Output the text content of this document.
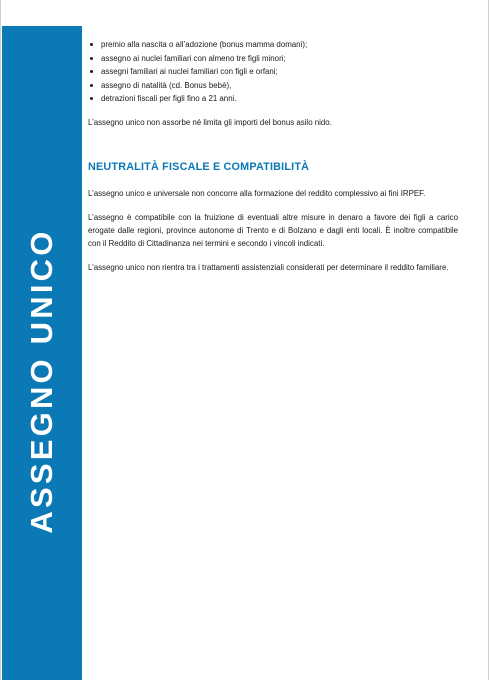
ASSEGNO UNICO
premio alla nascita o all’adozione (bonus mamma domani);
assegno ai nuclei familiari con almeno tre figli minori;
assegni familiari ai nuclei familiari con figli e orfani;
assegno di natalità (cd. Bonus bebè),
detrazioni fiscali per figli fino a 21 anni.

L’assegno unico non assorbe né limita gli importi del bonus asilo nido.

NEUTRALITÀ FISCALE E COMPATIBILITÀ

L’assegno unico e universale non concorre alla formazione del reddito complessivo ai fini IRPEF.

L’assegno è compatibile con la fruizione di eventuali altre misure in denaro a favore dei figli a carico erogate dalle regioni, province autonome di Trento e di Bolzano e dagli enti locali. È inoltre compatibile con il Reddito di Cittadinanza nei termini e secondo i vincoli indicati.

L’assegno unico non rientra tra i trattamenti assistenziali considerati per determinare il reddito familiare.
